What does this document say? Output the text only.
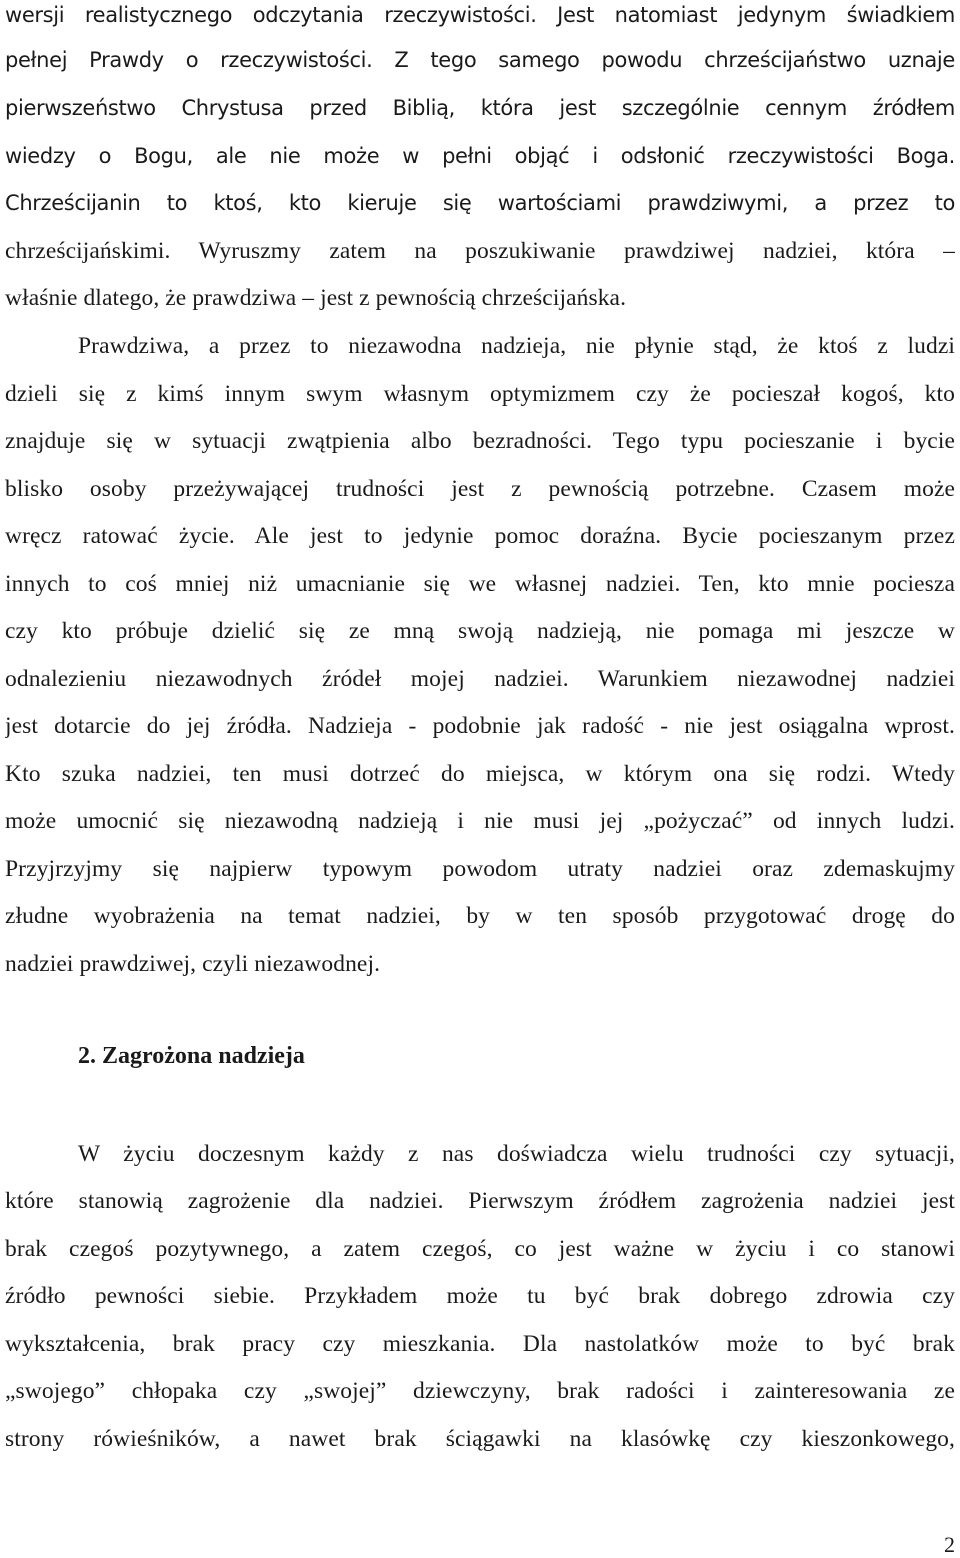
wersji realistycznego odczytania rzeczywistości. Jest natomiast jedynym świadkiem
pełnej Prawdy o rzeczywistości. Z tego samego powodu chrześcijaństwo uznaje
pierwszeństwo Chrystusa przed Biblią, która jest szczególnie cennym źródłem
wiedzy o Bogu, ale nie może w pełni objąć i odsłonić rzeczywistości Boga.
Chrześcijanin to ktoś, kto kieruje się wartościami prawdziwymi, a przez to
chrześcijańskimi. Wyruszmy zatem na poszukiwanie prawdziwej nadziei, która –
właśnie dlatego, że prawdziwa – jest z pewnością chrześcijańska.
Prawdziwa, a przez to niezawodna nadzieja, nie płynie stąd, że ktoś z ludzi
dzieli się z kimś innym swym własnym optymizmem czy że pocieszał kogoś, kto
znajduje się w sytuacji zwątpienia albo bezradności. Tego typu pocieszanie i bycie
blisko osoby przeżywającej trudności jest z pewnością potrzebne. Czasem może
wręcz ratować życie. Ale jest to jedynie pomoc doraźna. Bycie pocieszanym przez
innych to coś mniej niż umacnianie się we własnej nadziei. Ten, kto mnie pociesza
czy kto próbuje dzielić się ze mną swoją nadzieją, nie pomaga mi jeszcze w
odnalezieniu niezawodnych źródeł mojej nadziei. Warunkiem niezawodnej nadziei
jest dotarcie do jej źródła. Nadzieja - podobnie jak radość - nie jest osiągalna wprost.
Kto szuka nadziei, ten musi dotrzeć do miejsca, w którym ona się rodzi. Wtedy
może umocnić się niezawodną nadzieją i nie musi jej „pożyczać” od innych ludzi.
Przyjrzyjmy się najpierw typowym powodom utraty nadziei oraz zdemaskujmy
złudne wyobrażenia na temat nadziei, by w ten sposób przygotować drogę do
nadziei prawdziwej, czyli niezawodnej.
2. Zagrożona nadzieja
W życiu doczesnym każdy z nas doświadcza wielu trudności czy sytuacji,
które stanowią zagrożenie dla nadziei. Pierwszym źródłem zagrożenia nadziei jest
brak czegoś pozytywnego, a zatem czegoś, co jest ważne w życiu i co stanowi
źródło pewności siebie. Przykładem może tu być brak dobrego zdrowia czy
wykształcenia, brak pracy czy mieszkania. Dla nastolatków może to być brak
„swojego” chłopaka czy „swojej” dziewczyny, brak radości i zainteresowania ze
strony rówieśników, a nawet brak ściągawki na klasówkę czy kieszonkowego,
2
